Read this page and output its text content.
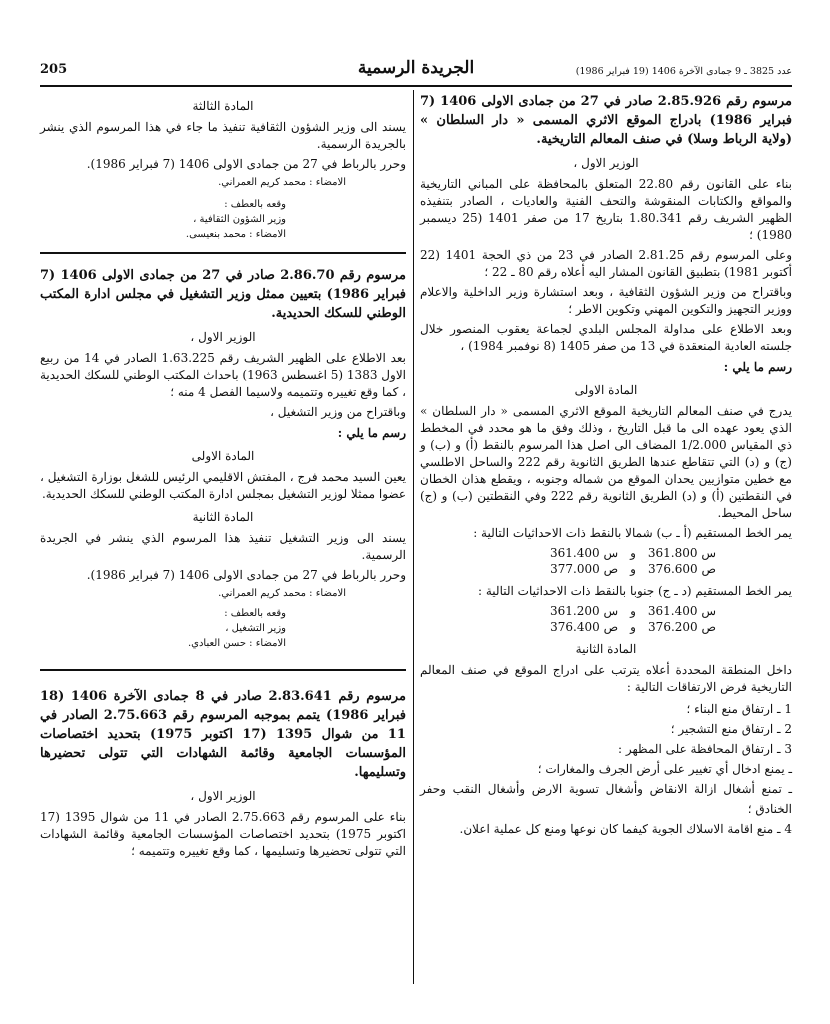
عدد 3825 ـ 9 جمادى الآخرة 1406 (19 فبراير 1986)
الجريدة الرسمية
205

مرسوم رقم 2.85.926 صادر في 27 من جمادى الاولى 1406 (7 فبراير 1986) بادراج الموقع الاثري المسمى « دار السلطان » (ولاية الرباط وسلا) في صنف المعالم التاريخية.

الوزير الاول ،

بناء على القانون رقم 22.80 المتعلق بالمحافظة على المباني التاريخية والمواقع والكتابات المنقوشة والتحف الفنية والعاديات ، الصادر بتنفيذه الظهير الشريف رقم 1.80.341 بتاريخ 17 من صفر 1401 (25 ديسمبر 1980) ؛

وعلى المرسوم رقم 2.81.25 الصادر في 23 من ذي الحجة 1401 (22 أكتوبر 1981) بتطبيق القانون المشار اليه أعلاه رقم 80 ـ 22 ؛

وباقتراح من وزير الشؤون الثقافية ، وبعد استشارة وزير الداخلية والاعلام ووزير التجهيز والتكوين المهني وتكوين الاطر ؛

وبعد الاطلاع على مداولة المجلس البلدي لجماعة يعقوب المنصور خلال جلسته العادية المنعقدة في 13 من صفر 1405 (8 نوفمبر 1984) ،

رسم ما يلي :

المادة الاولى

يدرج في صنف المعالم التاريخية الموقع الاثري المسمى « دار السلطان » الذي يعود عهده الى ما قبل التاريخ ، وذلك وفق ما هو محدد في المخطط ذي المقياس 1/2.000 المضاف الى اصل هذا المرسوم بالنقط (أ) و (ب) و (ج) و (د) التي تتقاطع عندها الطريق الثانوية رقم 222 والساحل الاطلسي مع خطين متوازيين يحدان الموقع من شماله وجنوبه ، ويقطع هذان الخطان في النقطتين (أ) و (د) الطريق الثانوية رقم 222 وفي النقطتين (ب) و (ج) ساحل المحيط.

يمر الخط المستقيم (أ ـ ب) شمالا بالنقط ذات الاحداثيات التالية :

س 361.800	و	س 361.400
ص 376.600	و	ص 377.000

يمر الخط المستقيم (د ـ ج) جنوبا بالنقط ذات الاحداثيات التالية :

س 361.400	و	س 361.200
ص 376.200	و	ص 376.400

المادة الثانية

داخل المنطقة المحددة أعلاه يترتب على ادراج الموقع في صنف المعالم التاريخية فرض الارتفاقات التالية :

1 ـ ارتفاق منع البناء ؛

2 ـ ارتفاق منع التشجير ؛

3 ـ ارتفاق المحافظة على المظهر :

ـ يمنع ادخال أي تغيير على أرض الجرف والمغارات ؛

ـ تمنع أشغال ازالة الانقاض وأشغال تسوية الارض وأشغال النقب وحفر الخنادق ؛

4 ـ منع اقامة الاسلاك الجوية كيفما كان نوعها ومنع كل عملية اعلان.

المادة الثالثة

يسند الى وزير الشؤون الثقافية تنفيذ ما جاء في هذا المرسوم الذي ينشر بالجريدة الرسمية.

وحرر بالرباط في 27 من جمادى الاولى 1406 (7 فبراير 1986).

الامضاء : محمد كريم العمراني.

وقعه بالعطف :

وزير الشؤون الثقافية ،

الامضاء : محمد بنعيسى.

مرسوم رقم 2.86.70 صادر في 27 من جمادى الاولى 1406 (7 فبراير 1986) بتعيين ممثل وزير التشغيل في مجلس ادارة المكتب الوطني للسكك الحديدية.

الوزير الاول ،

بعد الاطلاع على الظهير الشريف رقم 1.63.225 الصادر في 14 من ربيع الاول 1383 (5 اغسطس 1963) باحداث المكتب الوطني للسكك الحديدية ، كما وقع تغييره وتتميمه ولاسيما الفصل 4 منه ؛

وباقتراح من وزير التشغيل ،

رسم ما يلي :

المادة الاولى

يعين السيد محمد فرج ، المفتش الاقليمي الرئيس للشغل بوزارة التشغيل ، عضوا ممثلا لوزير التشغيل بمجلس ادارة المكتب الوطني للسكك الحديدية.

المادة الثانية

يسند الى وزير التشغيل تنفيذ هذا المرسوم الذي ينشر في الجريدة الرسمية.

وحرر بالرباط في 27 من جمادى الاولى 1406 (7 فبراير 1986).

الامضاء : محمد كريم العمراني.

وقعه بالعطف :

وزير التشغيل ،

الامضاء : حسن العبادي.

مرسوم رقم 2.83.641 صادر في 8 جمادى الآخرة 1406 (18 فبراير 1986) يتمم بموجبه المرسوم رقم 2.75.663 الصادر في 11 من شوال 1395 (17 اكتوبر 1975) بتحديد اختصاصات المؤسسات الجامعية وقائمة الشهادات التي تتولى تحضيرها وتسليمها.

الوزير الاول ،

بناء على المرسوم رقم 2.75.663 الصادر في 11 من شوال 1395 (17 اكتوبر 1975) بتحديد اختصاصات المؤسسات الجامعية وقائمة الشهادات التي تتولى تحضيرها وتسليمها ، كما وقع تغييره وتتميمه ؛
